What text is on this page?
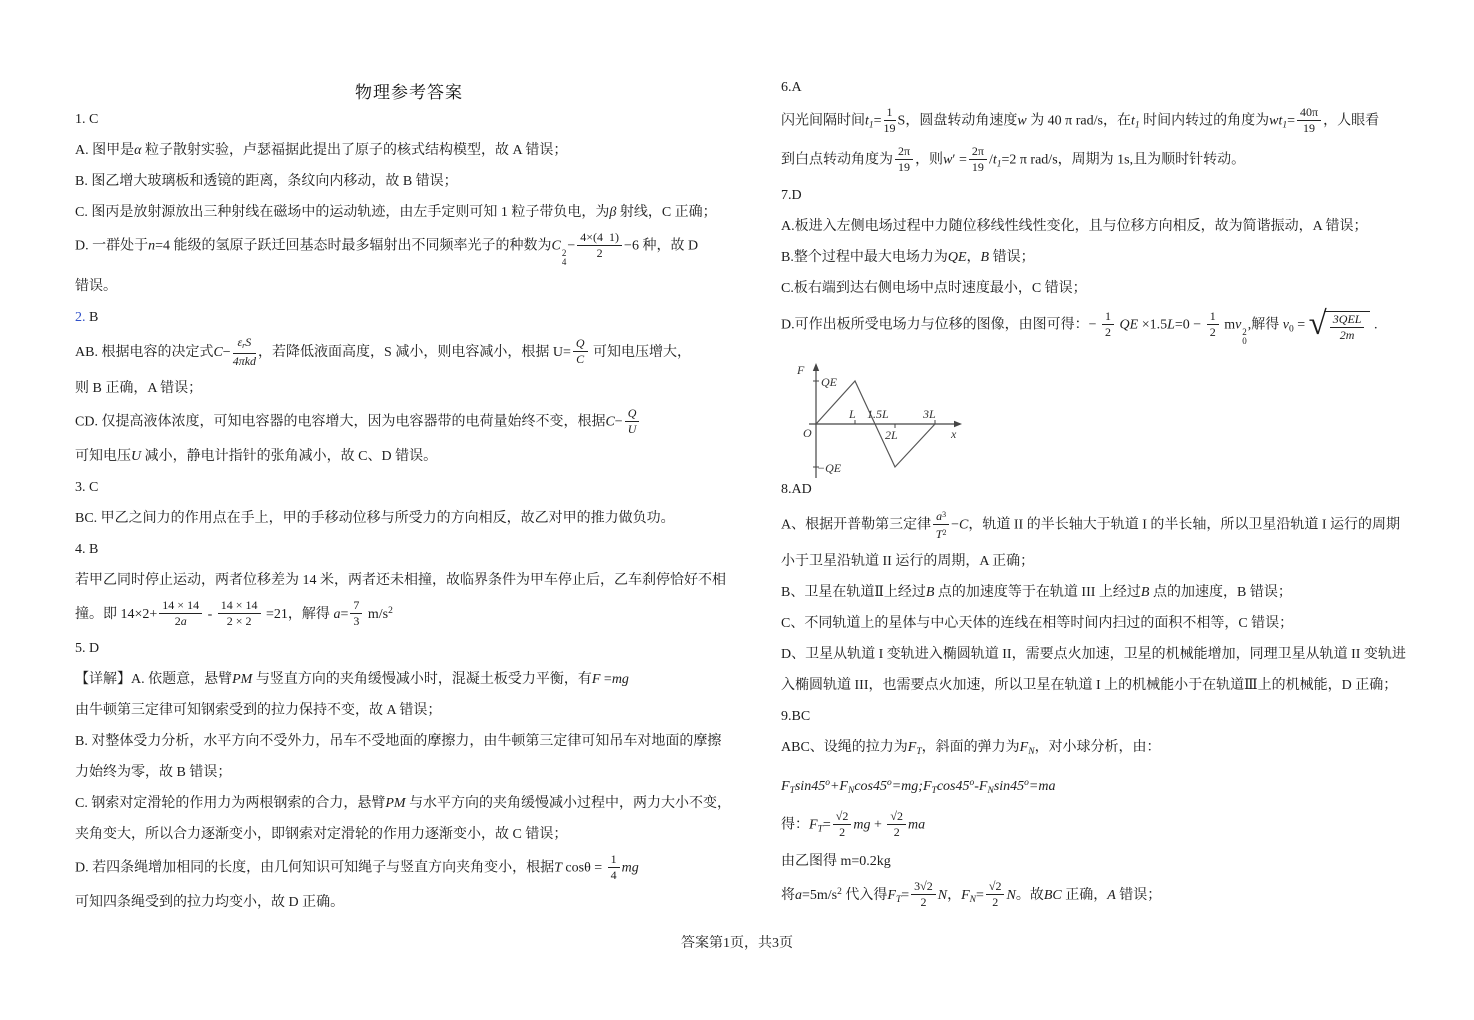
物理参考答案
1. C
A. 图甲是α 粒子散射实验，卢瑟福据此提出了原子的核式结构模型，故 A 错误；
B. 图乙增大玻璃板和透镜的距离，条纹向内移动，故 B 错误；
C. 图丙是放射源放出三种射线在磁场中的运动轨迹，由左手定则可知 1 粒子带负电，为β 射线，C 正确；
D. 一群处于n=4 能级的氢原子跃迁回基态时最多辐射出不同频率光子的种数为C 2
4
− $\frac{4\times(4 1)}{2} -6$ 种，故 D
错误。
2. B
AB. 根据电容的决定式$C- \frac{\varepsilon_rS}{\text{4πkd}}$ ，若降低液面高度，S 减小，则电容减小，根据 $U= \frac{Q}{C}$ 可知电压增大，
则 B 正确，A 错误；
CD. 仅提高液体浓度，可知电容器的电容增大，因为电容器带的电荷量始终不变，根据$C- \frac{Q}{U}$
可知电压U 减小，静电计指针的张角减小，故 C、D 错误。
3. C
BC. 甲乙之间力的作用点在手上，甲的手移动位移与所受力的方向相反，故乙对甲的推力做负功。
4. B
若甲乙同时停止运动，两者位移差为 14 米，两者还未相撞，故临界条件为甲车停止后，乙车刹停恰好不相
撞。即 $14\times 2+ \frac{14 \times 14}{2a} - \frac{14 \times 14}{2 \times 2} =21$，解得 $a= \frac{7}{3} m/s^2$
5. D
【详解】A. 依题意，悬臂PM 与竖直方向的夹角缓慢减小时，混凝土板受力平衡，有F =mg
由牛顿第三定律可知钢索受到的拉力保持不变，故 A 错误；
B. 对整体受力分析，水平方向不受外力，吊车不受地面的摩擦力，由牛顿第三定律可知吊车对地面的摩擦
力始终为零，故 B 错误；
C. 钢索对定滑轮的作用力为两根钢索的合力，悬臂PM 与水平方向的夹角缓慢减小过程中，两力大小不变，
夹角变大，所以合力逐渐变小，即钢索对定滑轮的作用力逐渐变小，故 C 错误；
D. 若四条绳增加相同的长度，由几何知识可知绳子与竖直方向夹角变小，根据T $\cos\theta = \frac{1}{4}$ mg
可知四条绳受到的拉力均变小，故 D 正确。
6.A
闪光间隔时间$t_1= \frac{1}{19}$ S，圆盘转动角速度w 为 40 π rad/s，在$t_1$ 时间内转过的角度为$wt_1= \frac{40\pi}{19}$ ，人眼看
到白点转动角度为 $\frac{2\pi}{19}$ ，则$w' = \frac{2\pi}{19} /t_1=2$ π rad/s，周期为 1s,且为顺时针转动。
7.D
A.板进入左侧电场过程中力随位移线性线性变化，且与位移方向相反，故为简谐振动，A 错误；
B.整个过程中最大电场力为QE，B 错误；
C.板右端到达右侧电场中点时速度最小，C 错误；
D.可作出板所受电场力与位移的图像，由图可得：− $\frac{1}{2}$ QE $\times 1.5L=0 - \frac{1}{2}$ mv 2
0
,解得 $v_0$ = √ $\frac{\text{3QEL}}{2m}$ .
8.AD
A、根据开普勒第三定律 $\frac{a^3}{T^2} -C$，轨道 II 的半长轴大于轨道 I 的半长轴，所以卫星沿轨道 I 运行的周期
小于卫星沿轨道 II 运行的周期，A 正确；
B、卫星在轨道Ⅱ上经过B 点的加速度等于在轨道 III 上经过B 点的加速度，B 错误；
C、不同轨道上的星体与中心天体的连线在相等时间内扫过的面积不相等，C 错误；
D、卫星从轨道 I 变轨进入椭圆轨道 II，需要点火加速，卫星的机械能增加，同理卫星从轨道 II 变轨进
入椭圆轨道 III，也需要点火加速，所以卫星在轨道 I 上的机械能小于在轨道Ⅲ上的机械能，D 正确；
9.BC
ABC、设绳的拉力为$F_T$，斜面的弹力为$F_N$，对小球分析，由：
$F_T\sin 45^o+F_N\cos 45^o=mg;F_T\cos 45^o-F_N\sin 45^o=ma$
得：$F_T= \frac{√2}{2}$ mg + $\frac{√2}{2}$ ma
由乙图得 m=0.2kg
将$a=5m/s^2$ 代入得$F_T= \frac{3√2}{2}$ N，$F_N= \frac{√2}{2}$ N。故BC 正确，A 错误；
F
QE
O
L 1.5L
2L
3L
x
−QE
答案第1页，共3页
